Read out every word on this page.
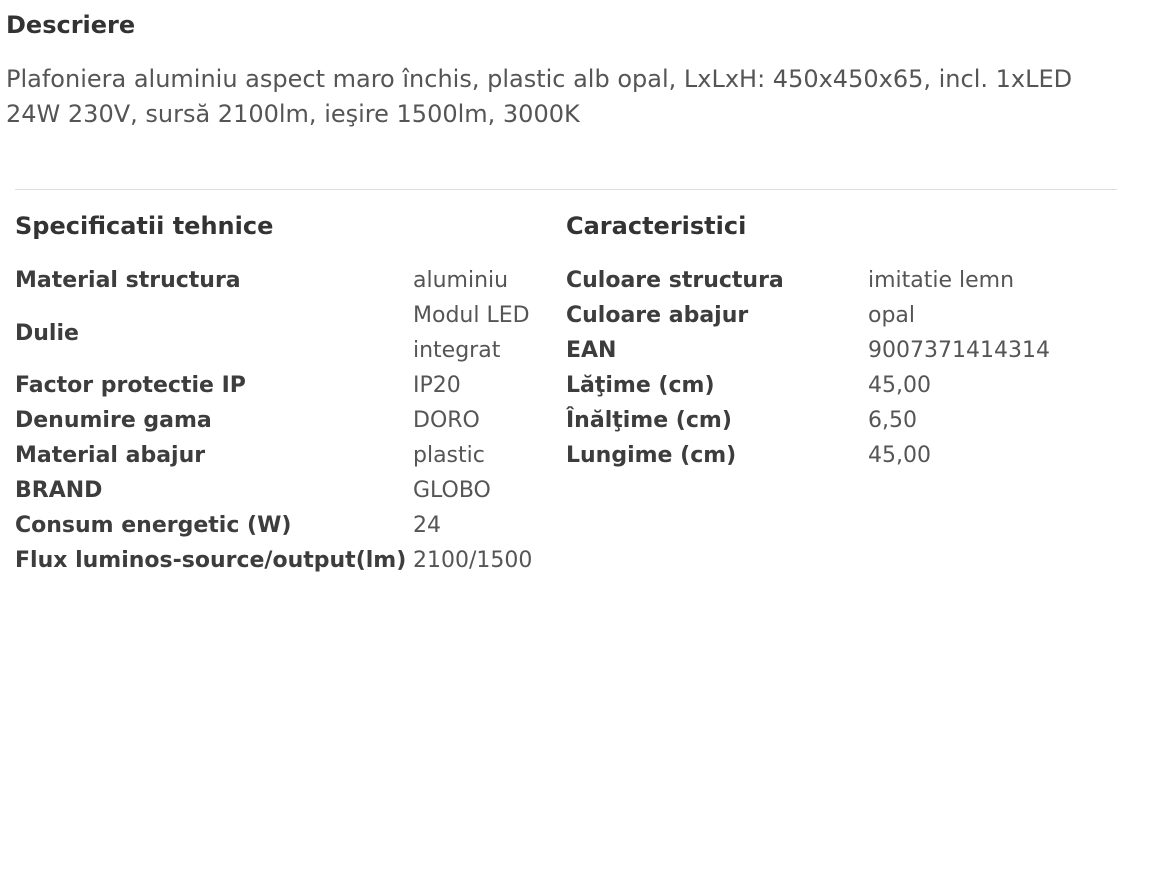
Descriere

Plafoniera aluminiu aspect maro închis, plastic alb opal, LxLxH: 450x450x65, incl. 1xLED 24W 230V, sursă 2100lm, ieşire 1500lm, 3000K

Specificatii tehnice	Caracteristici
Material structura	aluminiu
Dulie	Modul LED integrat
Factor protectie IP	IP20
Denumire gama	DORO
Material abajur	plastic
BRAND	GLOBO
Consum energetic (W)	24
Flux luminos-source/output(lm)	2100/1500
Culoare structura	imitatie lemn
Culoare abajur	opal
EAN	9007371414314
Lăţime (cm)	45,00
Înălţime (cm)	6,50
Lungime (cm)	45,00
